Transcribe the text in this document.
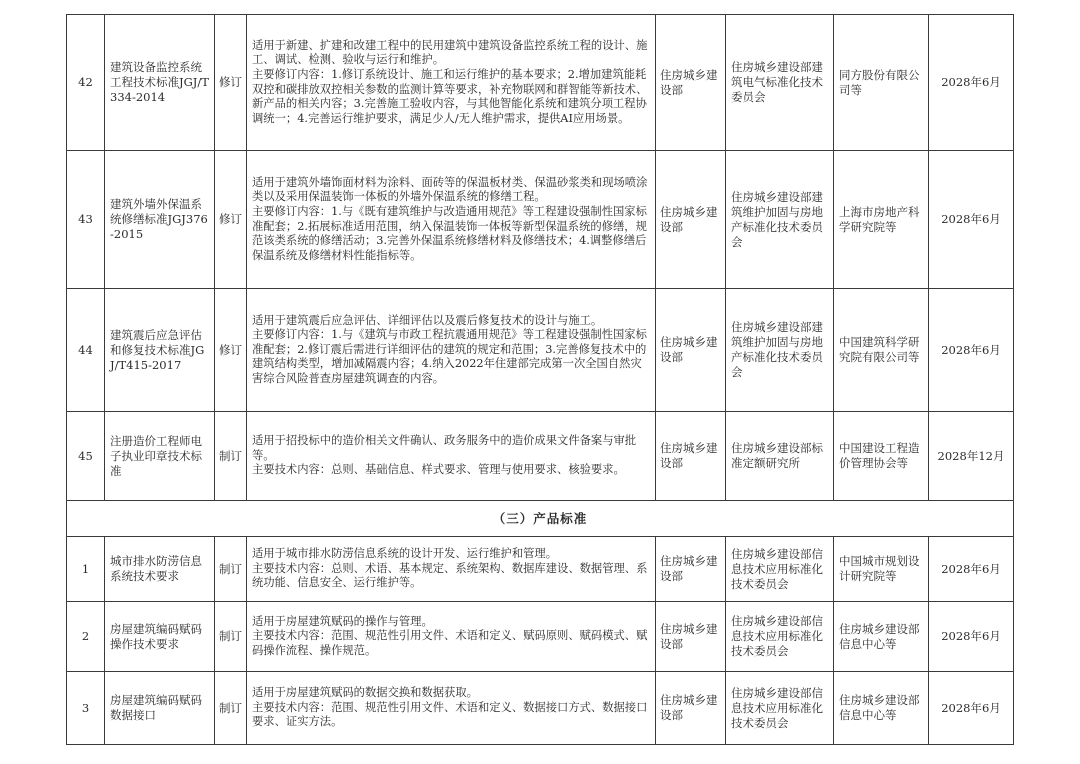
42	建筑设备监控系统工程技术标准JGJ/T334-2014	修订	适用于新建、扩建和改建工程中的民用建筑中建筑设备监控系统工程的设计、施工、调试、检测、验收与运行和维护。
主要修订内容：1.修订系统设计、施工和运行维护的基本要求；2.增加建筑能耗双控和碳排放双控相关参数的监测计算等要求，补充物联网和群智能等新技术、新产品的相关内容；3.完善施工验收内容，与其他智能化系统和建筑分项工程协调统一；4.完善运行维护要求，满足少人/无人维护需求，提供AI应用场景。	住房城乡建设部	住房城乡建设部建筑电气标准化技术委员会	同方股份有限公司等	2028年6月
43	建筑外墙外保温系统修缮标准JGJ376-2015	修订	适用于建筑外墙饰面材料为涂料、面砖等的保温板材类、保温砂浆类和现场喷涂类以及采用保温装饰一体板的外墙外保温系统的修缮工程。
主要修订内容：1.与《既有建筑维护与改造通用规范》等工程建设强制性国家标准配套；2.拓展标准适用范围，纳入保温装饰一体板等新型保温系统的修缮，规范该类系统的修缮活动；3.完善外保温系统修缮材料及修缮技术；4.调整修缮后保温系统及修缮材料性能指标等。	住房城乡建设部	住房城乡建设部建筑维护加固与房地产标准化技术委员会	上海市房地产科学研究院等	2028年6月
44	建筑震后应急评估和修复技术标准JGJ/T415-2017	修订	适用于建筑震后应急评估、详细评估以及震后修复技术的设计与施工。
主要修订内容：1.与《建筑与市政工程抗震通用规范》等工程建设强制性国家标准配套；2.修订震后需进行详细评估的建筑的规定和范围；3.完善修复技术中的建筑结构类型，增加减隔震内容；4.纳入2022年住建部完成第一次全国自然灾害综合风险普查房屋建筑调查的内容。	住房城乡建设部	住房城乡建设部建筑维护加固与房地产标准化技术委员会	中国建筑科学研究院有限公司等	2028年6月
45	注册造价工程师电子执业印章技术标准	制订	适用于招投标中的造价相关文件确认、政务服务中的造价成果文件备案与审批等。
主要技术内容：总则、基础信息、样式要求、管理与使用要求、核验要求。	住房城乡建设部	住房城乡建设部标准定额研究所	中国建设工程造价管理协会等	2028年12月
（三）产品标准							
1	城市排水防涝信息系统技术要求	制订	适用于城市排水防涝信息系统的设计开发、运行维护和管理。
主要技术内容：总则、术语、基本规定、系统架构、数据库建设、数据管理、系统功能、信息安全、运行维护等。	住房城乡建设部	住房城乡建设部信息技术应用标准化技术委员会	中国城市规划设计研究院等	2028年6月
2	房屋建筑编码赋码操作技术要求	制订	适用于房屋建筑赋码的操作与管理。
主要技术内容：范围、规范性引用文件、术语和定义、赋码原则、赋码模式、赋码操作流程、操作规范。	住房城乡建设部	住房城乡建设部信息技术应用标准化技术委员会	住房城乡建设部信息中心等	2028年6月
3	房屋建筑编码赋码数据接口	制订	适用于房屋建筑赋码的数据交换和数据获取。
主要技术内容：范围、规范性引用文件、术语和定义、数据接口方式、数据接口要求、证实方法。	住房城乡建设部	住房城乡建设部信息技术应用标准化技术委员会	住房城乡建设部信息中心等	2028年6月
